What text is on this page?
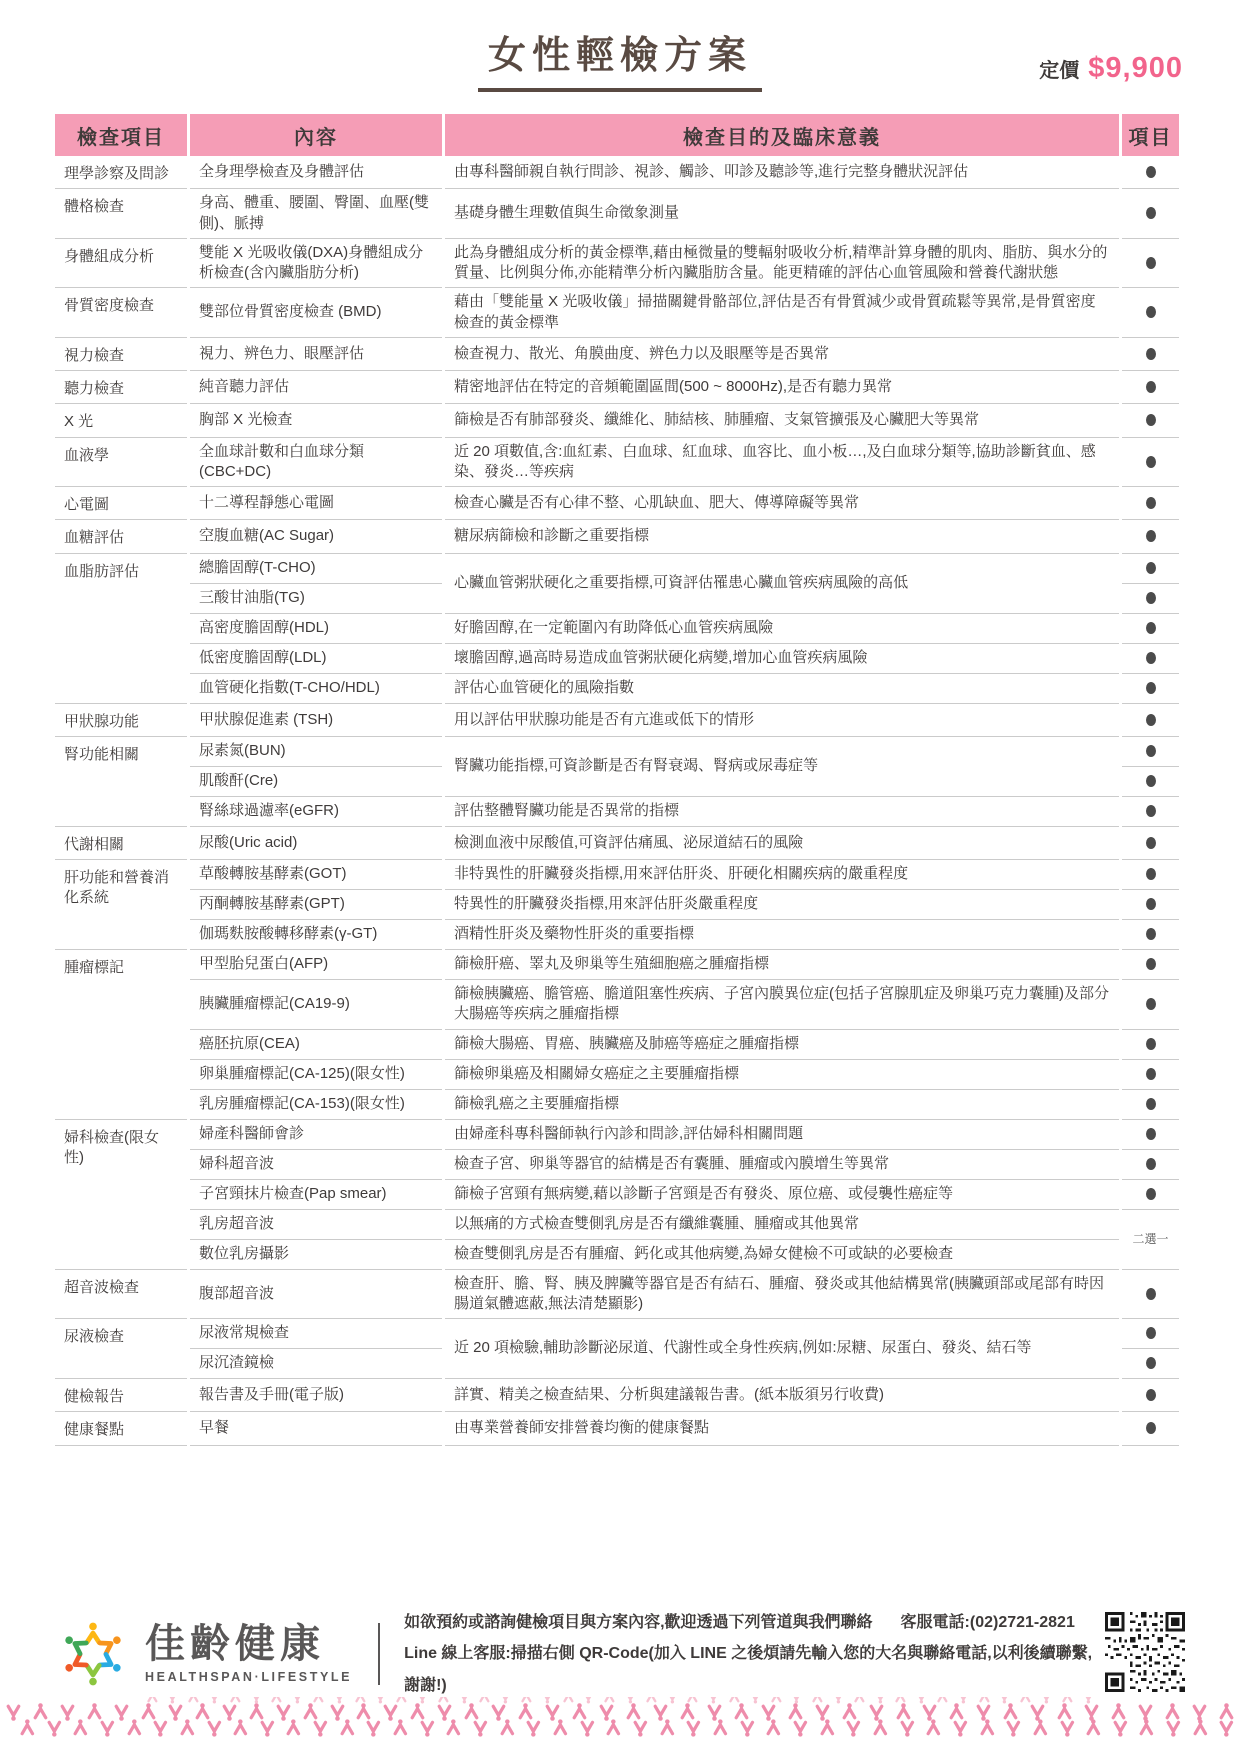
女性輕檢方案	定價 $9,900
檢查項目	內容	檢查目的及臨床意義	項目
理學診察及問診	全身理學檢查及身體評估	由專科醫師親自執行問診、視診、觸診、叩診及聽診等,進行完整身體狀況評估	
體格檢查	身高、體重、腰圍、臀圍、血壓(雙側)、脈搏	基礎身體生理數值與生命徵象測量	
身體組成分析	雙能 X 光吸收儀(DXA)身體組成分析檢查(含內臟脂肪分析)	此為身體組成分析的黃金標準,藉由極微量的雙輻射吸收分析,精準計算身體的肌肉、脂肪、與水分的質量、比例與分佈,亦能精準分析內臟脂肪含量。能更精確的評估心血管風險和營養代謝狀態	
骨質密度檢查	雙部位骨質密度檢查 (BMD)	藉由「雙能量 X 光吸收儀」掃描關鍵骨骼部位,評估是否有骨質減少或骨質疏鬆等異常,是骨質密度檢查的黃金標準	
視力檢查	視力、辨色力、眼壓評估	檢查視力、散光、角膜曲度、辨色力以及眼壓等是否異常	
聽力檢查	純音聽力評估	精密地評估在特定的音頻範圍區間(500 ~ 8000Hz),是否有聽力異常	
X 光	胸部 X 光檢查	篩檢是否有肺部發炎、纖維化、肺結核、肺腫瘤、支氣管擴張及心臟肥大等異常	
血液學	全血球計數和白血球分類(CBC+DC)	近 20 項數值,含:血紅素、白血球、紅血球、血容比、血小板…,及白血球分類等,協助診斷貧血、感染、發炎…等疾病	
心電圖	十二導程靜態心電圖	檢查心臟是否有心律不整、心肌缺血、肥大、傳導障礙等異常	
血糖評估	空腹血糖(AC Sugar)	糖尿病篩檢和診斷之重要指標	
血脂肪評估	總膽固醇(T-CHO)	心臟血管粥狀硬化之重要指標,可資評估罹患心臟血管疾病風險的高低	
	三酸甘油脂(TG)		
	高密度膽固醇(HDL)	好膽固醇,在一定範圍內有助降低心血管疾病風險	
	低密度膽固醇(LDL)	壞膽固醇,過高時易造成血管粥狀硬化病變,增加心血管疾病風險	
	血管硬化指數(T-CHO/HDL)	評估心血管硬化的風險指數	
甲狀腺功能	甲狀腺促進素 (TSH)	用以評估甲狀腺功能是否有亢進或低下的情形	
腎功能相關	尿素氮(BUN)	腎臟功能指標,可資診斷是否有腎衰竭、腎病或尿毒症等	
	肌酸酐(Cre)		
	腎絲球過濾率(eGFR)	評估整體腎臟功能是否異常的指標	
代謝相關	尿酸(Uric acid)	檢測血液中尿酸值,可資評估痛風、泌尿道結石的風險	
肝功能和營養消化系統	草酸轉胺基酵素(GOT)	非特異性的肝臟發炎指標,用來評估肝炎、肝硬化相關疾病的嚴重程度	
	丙酮轉胺基酵素(GPT)	特異性的肝臟發炎指標,用來評估肝炎嚴重程度	
	伽瑪麩胺酸轉移酵素(γ-GT)	酒精性肝炎及藥物性肝炎的重要指標	
腫瘤標記	甲型胎兒蛋白(AFP)	篩檢肝癌、睪丸及卵巢等生殖細胞癌之腫瘤指標	
	胰臟腫瘤標記(CA19-9)	篩檢胰臟癌、膽管癌、膽道阻塞性疾病、子宮內膜異位症(包括子宮腺肌症及卵巢巧克力囊腫)及部分大腸癌等疾病之腫瘤指標	
	癌胚抗原(CEA)	篩檢大腸癌、胃癌、胰臟癌及肺癌等癌症之腫瘤指標	
	卵巢腫瘤標記(CA-125)(限女性)	篩檢卵巢癌及相關婦女癌症之主要腫瘤指標	
	乳房腫瘤標記(CA-153)(限女性)	篩檢乳癌之主要腫瘤指標	
婦科檢查(限女性)	婦產科醫師會診	由婦產科專科醫師執行內診和問診,評估婦科相關問題	
	婦科超音波	檢查子宮、卵巢等器官的結構是否有囊腫、腫瘤或內膜增生等異常	
	子宮頸抹片檢查(Pap smear)	篩檢子宮頸有無病變,藉以診斷子宮頸是否有發炎、原位癌、或侵襲性癌症等	
	乳房超音波	以無痛的方式檢查雙側乳房是否有纖維囊腫、腫瘤或其他異常	二選一
	數位乳房攝影	檢查雙側乳房是否有腫瘤、鈣化或其他病變,為婦女健檢不可或缺的必要檢查	
超音波檢查	腹部超音波	檢查肝、膽、腎、胰及脾臟等器官是否有結石、腫瘤、發炎或其他結構異常(胰臟頭部或尾部有時因腸道氣體遮蔽,無法清楚顯影)	
尿液檢查	尿液常規檢查	近 20 項檢驗,輔助診斷泌尿道、代謝性或全身性疾病,例如:尿糖、尿蛋白、發炎、結石等	
	尿沉渣鏡檢		
健檢報告	報告書及手冊(電子版)	詳實、精美之檢查結果、分析與建議報告書。(紙本版須另行收費)	
健康餐點	早餐	由專業營養師安排營養均衡的健康餐點	
佳齡健康
HEALTHSPAN·LIFESTYLE
如欲預約或諮詢健檢項目與方案內容,歡迎透過下列管道與我們聯絡 客服電話:(02)2721-2821
Line 線上客服:掃描右側 QR-Code(加入 LINE 之後煩請先輸入您的大名與聯絡電話,以利後續聯繫,謝謝!)
